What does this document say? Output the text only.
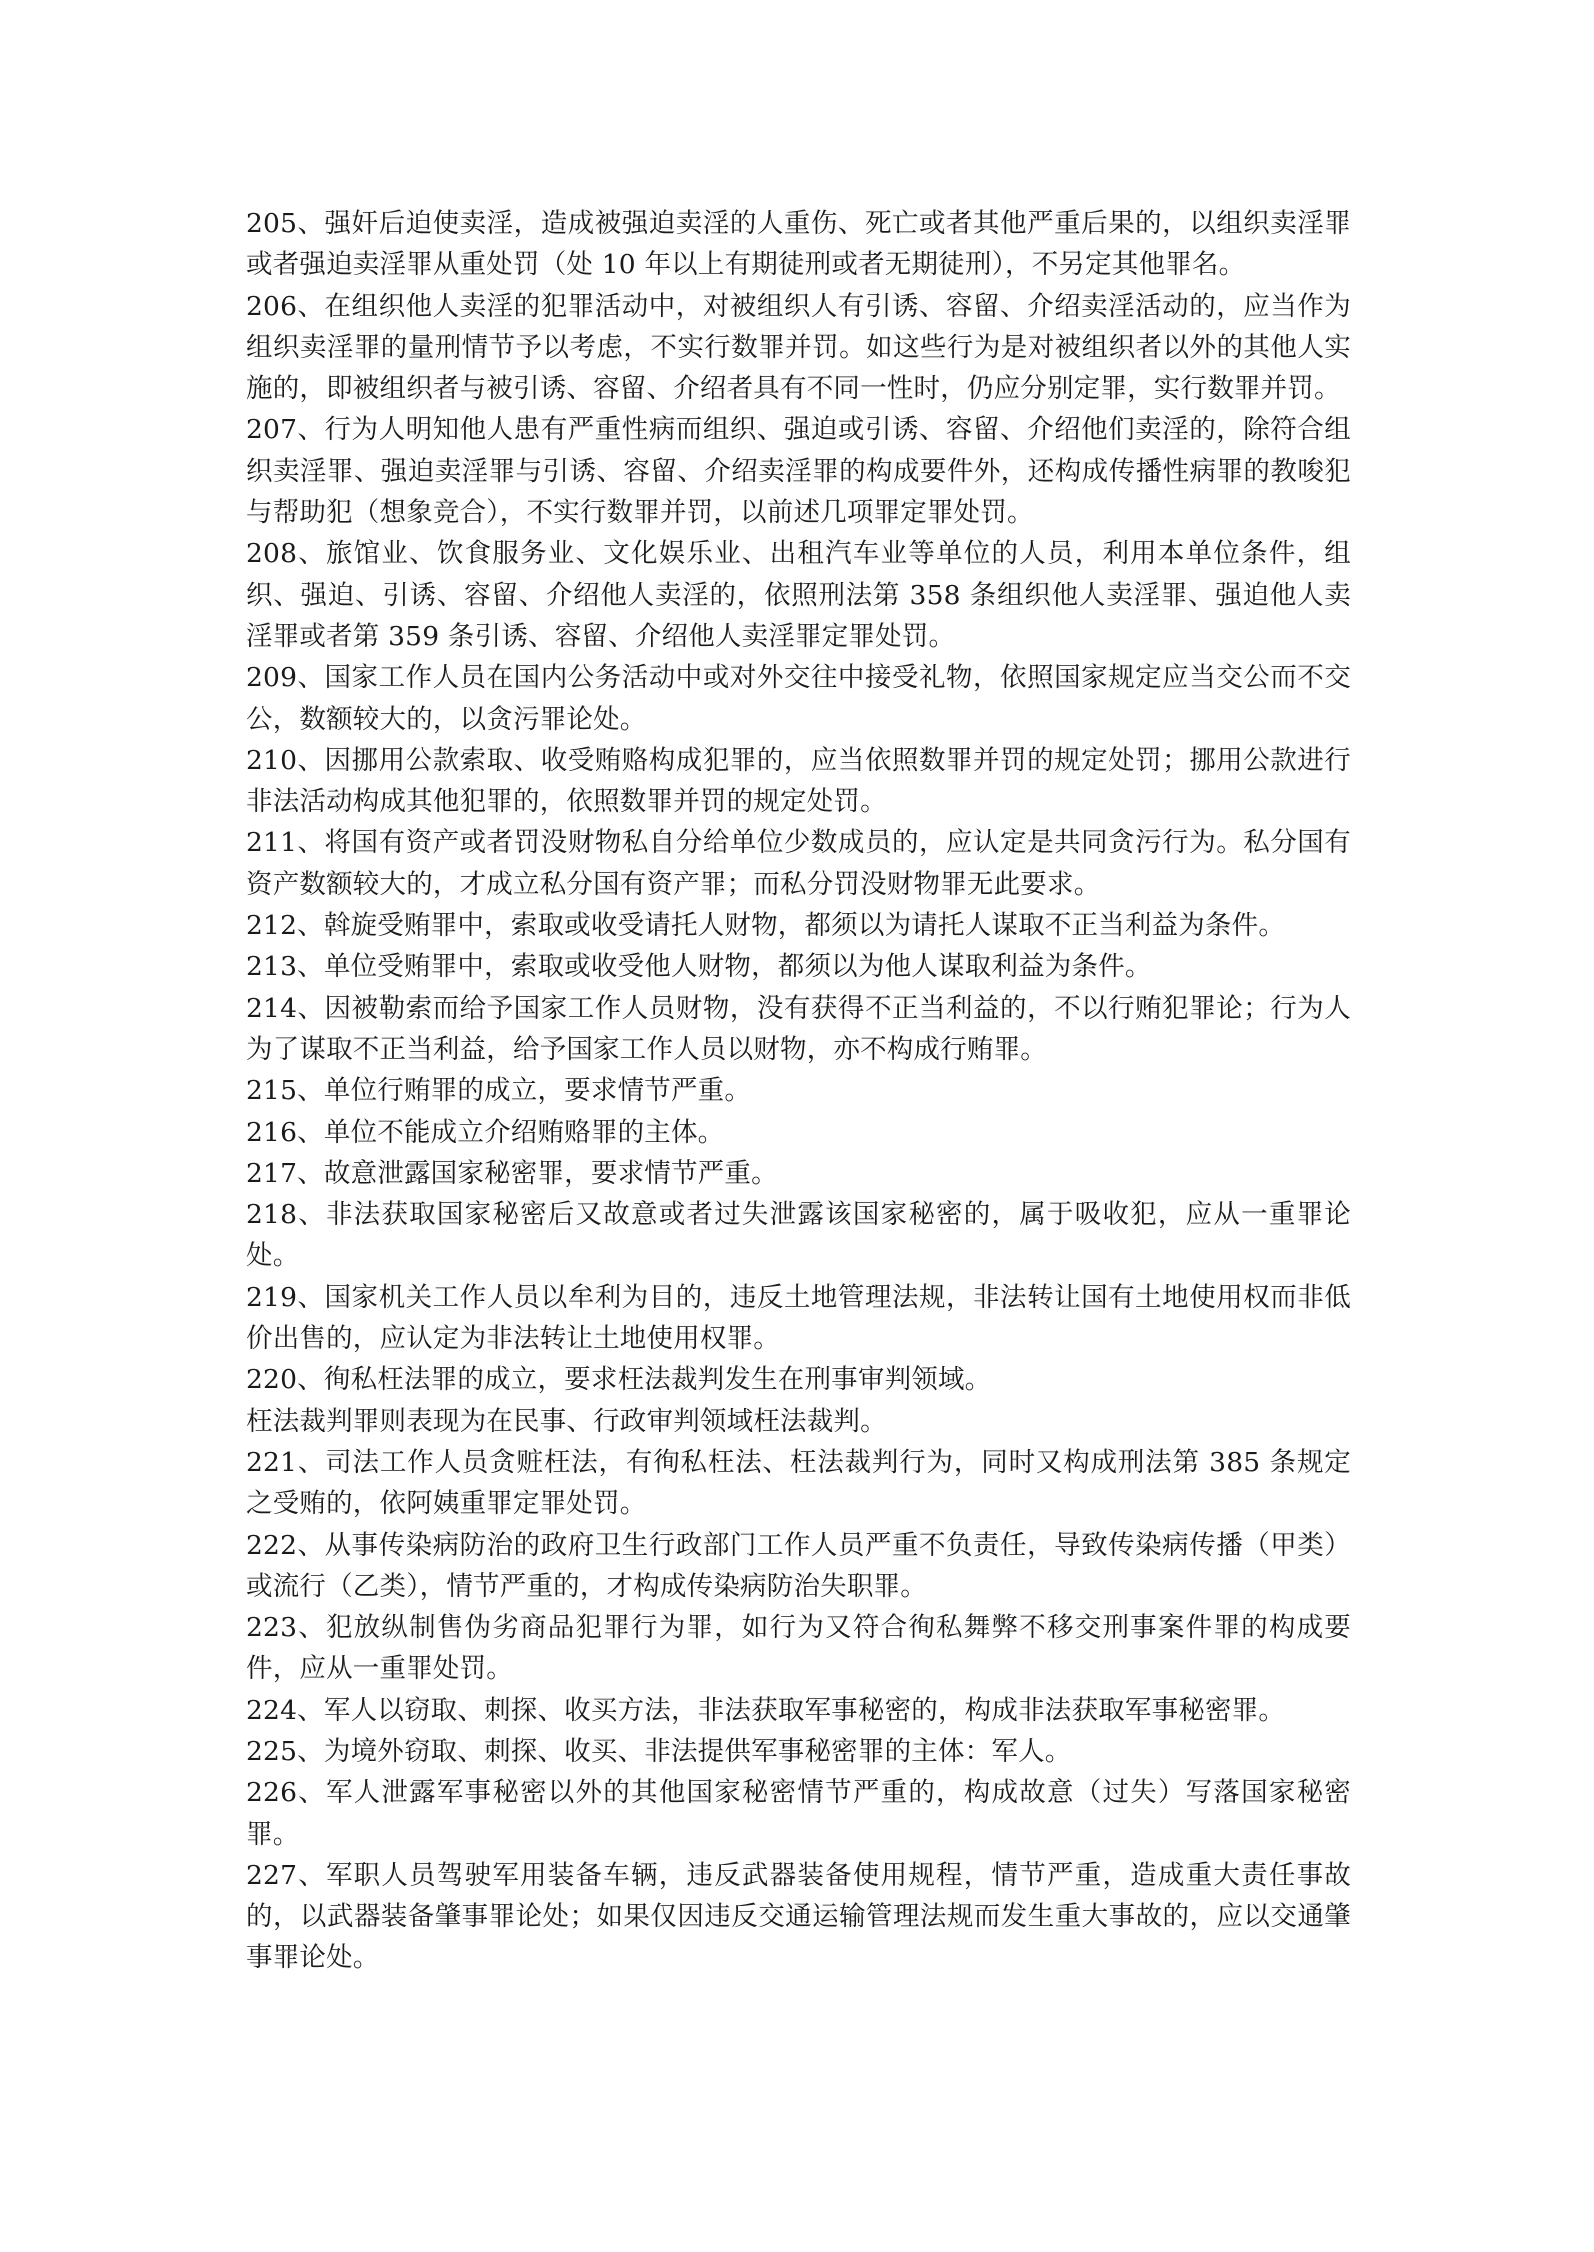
205、强奸后迫使卖淫，造成被强迫卖淫的人重伤、死亡或者其他严重后果的，以组织卖淫罪或者强迫卖淫罪从重处罚（处 10 年以上有期徒刑或者无期徒刑），不另定其他罪名。

206、在组织他人卖淫的犯罪活动中，对被组织人有引诱、容留、介绍卖淫活动的，应当作为组织卖淫罪的量刑情节予以考虑，不实行数罪并罚。如这些行为是对被组织者以外的其他人实施的，即被组织者与被引诱、容留、介绍者具有不同一性时，仍应分别定罪，实行数罪并罚。

207、行为人明知他人患有严重性病而组织、强迫或引诱、容留、介绍他们卖淫的，除符合组织卖淫罪、强迫卖淫罪与引诱、容留、介绍卖淫罪的构成要件外，还构成传播性病罪的教唆犯与帮助犯（想象竞合），不实行数罪并罚，以前述几项罪定罪处罚。

208、旅馆业、饮食服务业、文化娱乐业、出租汽车业等单位的人员，利用本单位条件，组织、强迫、引诱、容留、介绍他人卖淫的，依照刑法第 358 条组织他人卖淫罪、强迫他人卖淫罪或者第 359 条引诱、容留、介绍他人卖淫罪定罪处罚。

209、国家工作人员在国内公务活动中或对外交往中接受礼物，依照国家规定应当交公而不交公，数额较大的，以贪污罪论处。

210、因挪用公款索取、收受贿赂构成犯罪的，应当依照数罪并罚的规定处罚；挪用公款进行非法活动构成其他犯罪的，依照数罪并罚的规定处罚。

211、将国有资产或者罚没财物私自分给单位少数成员的，应认定是共同贪污行为。私分国有资产数额较大的，才成立私分国有资产罪；而私分罚没财物罪无此要求。

212、斡旋受贿罪中，索取或收受请托人财物，都须以为请托人谋取不正当利益为条件。

213、单位受贿罪中，索取或收受他人财物，都须以为他人谋取利益为条件。

214、因被勒索而给予国家工作人员财物，没有获得不正当利益的，不以行贿犯罪论；行为人为了谋取不正当利益，给予国家工作人员以财物，亦不构成行贿罪。

215、单位行贿罪的成立，要求情节严重。

216、单位不能成立介绍贿赂罪的主体。

217、故意泄露国家秘密罪，要求情节严重。

218、非法获取国家秘密后又故意或者过失泄露该国家秘密的，属于吸收犯，应从一重罪论处。

219、国家机关工作人员以牟利为目的，违反土地管理法规，非法转让国有土地使用权而非低价出售的，应认定为非法转让土地使用权罪。

220、徇私枉法罪的成立，要求枉法裁判发生在刑事审判领域。

枉法裁判罪则表现为在民事、行政审判领域枉法裁判。

221、司法工作人员贪赃枉法，有徇私枉法、枉法裁判行为，同时又构成刑法第 385 条规定之受贿的，依阿姨重罪定罪处罚。

222、从事传染病防治的政府卫生行政部门工作人员严重不负责任，导致传染病传播（甲类）或流行（乙类），情节严重的，才构成传染病防治失职罪。

223、犯放纵制售伪劣商品犯罪行为罪，如行为又符合徇私舞弊不移交刑事案件罪的构成要件，应从一重罪处罚。

224、军人以窃取、刺探、收买方法，非法获取军事秘密的，构成非法获取军事秘密罪。

225、为境外窃取、刺探、收买、非法提供军事秘密罪的主体：军人。

226、军人泄露军事秘密以外的其他国家秘密情节严重的，构成故意（过失）写落国家秘密罪。

227、军职人员驾驶军用装备车辆，违反武器装备使用规程，情节严重，造成重大责任事故的，以武器装备肇事罪论处；如果仅因违反交通运输管理法规而发生重大事故的，应以交通肇事罪论处。
